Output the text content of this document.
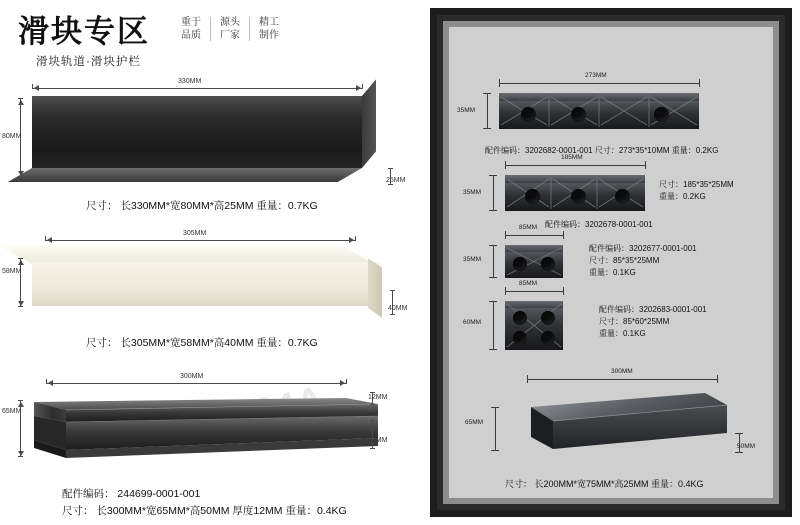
滑块专区	重于
品质
源头
厂家
精工
制作
滑块轨道·滑块护栏
330MM
80MM
25MM
尺寸： 长330MM*宽80MM*高25MM 重量：0.7KG
305MM
58MM
40MM
尺寸： 长305MM*宽58MM*高40MM 重量：0.7KG
300MM
65MM
12MM
50MM
配件编码： 244699-0001-001
尺寸： 长300MM*宽65MM*高50MM 厚度12MM 重量：0.4KG
273MM
35MM
配件编码：3202682-0001-001 尺寸：273*35*10MM 重量：0.2KG
185MM
35MM
尺寸：185*35*25MM
重量：0.2KG
配件编码：3202678-0001-001
85MM
35MM
配件编码：3202677-0001-001
尺寸：85*35*25MM
重量：0.1KG
85MM
60MM
配件编码：3202683-0001-001
尺寸：85*60*25MM
重量：0.1KG
300MM
65MM
50MM
尺寸： 长200MM*宽75MM*高25MM 重量：0.4KG
